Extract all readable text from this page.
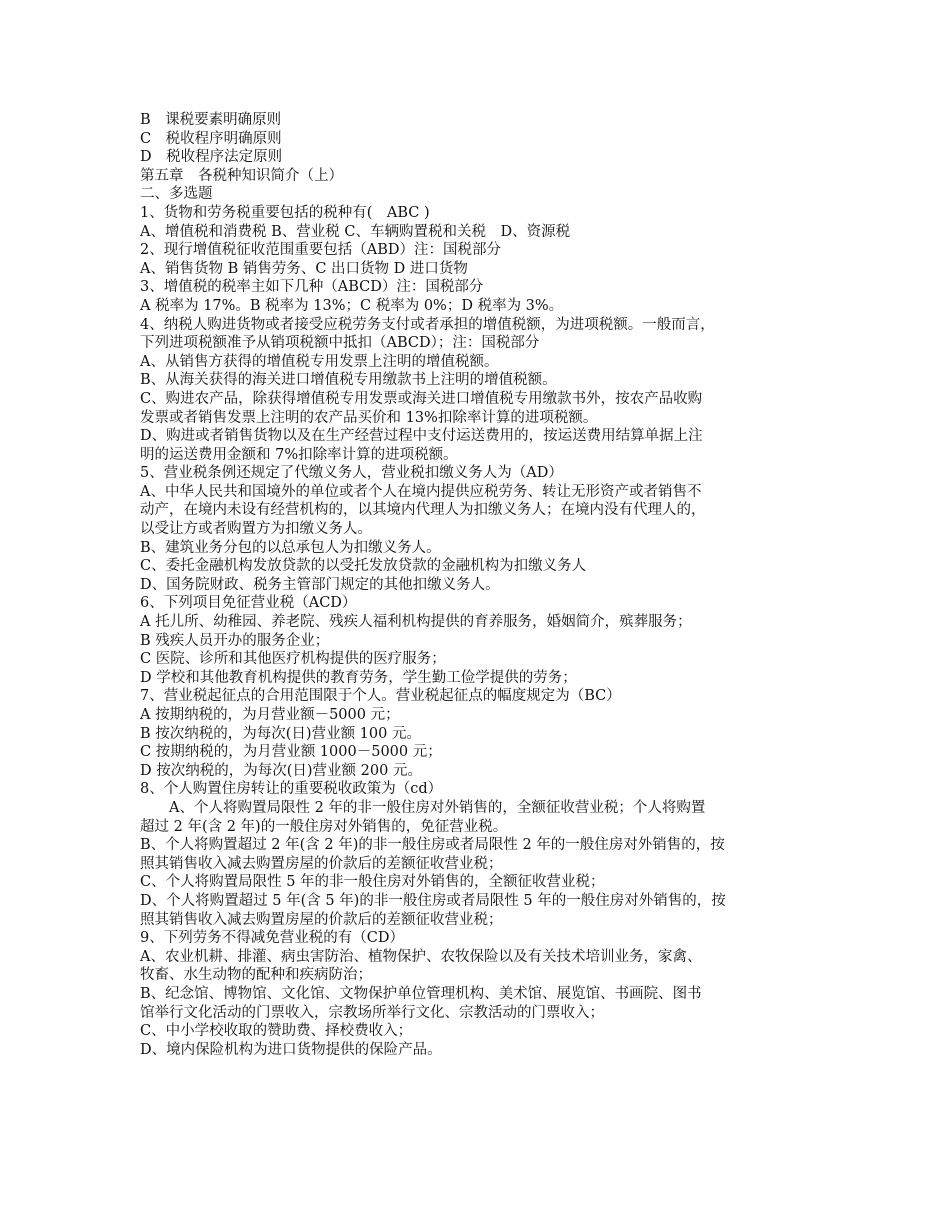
B　课税要素明确原则
C　税收程序明确原则
D　税收程序法定原则
第五章　各税种知识简介（上）
二、多选题
1、货物和劳务税重要包括的税种有(　ABC )
A、增值税和消费税 B、营业税 C、车辆购置税和关税　D、资源税
2、现行增值税征收范围重要包括（ABD）注：国税部分
A、销售货物 B 销售劳务、C 出口货物 D 进口货物
3、增值税的税率主如下几种（ABCD）注：国税部分
A 税率为 17%。B 税率为 13%；C 税率为 0%；D 税率为 3%。
4、纳税人购进货物或者接受应税劳务支付或者承担的增值税额，为进项税额。一般而言，
下列进项税额准予从销项税额中抵扣（ABCD）；注：国税部分
A、从销售方获得的增值税专用发票上注明的增值税额。
B、从海关获得的海关进口增值税专用缴款书上注明的增值税额。
C、购进农产品，除获得增值税专用发票或海关进口增值税专用缴款书外，按农产品收购
发票或者销售发票上注明的农产品买价和 13%扣除率计算的进项税额。
D、购进或者销售货物以及在生产经营过程中支付运送费用的，按运送费用结算单据上注
明的运送费用金额和 7%扣除率计算的进项税额。
5、营业税条例还规定了代缴义务人，营业税扣缴义务人为（AD）
A、中华人民共和国境外的单位或者个人在境内提供应税劳务、转让无形资产或者销售不
动产，在境内未设有经营机构的，以其境内代理人为扣缴义务人；在境内没有代理人的，
以受让方或者购置方为扣缴义务人。
B、建筑业务分包的以总承包人为扣缴义务人。
C、委托金融机构发放贷款的以受托发放贷款的金融机构为扣缴义务人
D、国务院财政、税务主管部门规定的其他扣缴义务人。
6、下列项目免征营业税（ACD）
A 托儿所、幼稚园、养老院、残疾人福利机构提供的育养服务，婚姻简介，殡葬服务；
B 残疾人员开办的服务企业；
C 医院、诊所和其他医疗机构提供的医疗服务；
D 学校和其他教育机构提供的教育劳务，学生勤工俭学提供的劳务；
7、营业税起征点的合用范围限于个人。营业税起征点的幅度规定为（BC）
A 按期纳税的，为月营业额－5000 元；
B 按次纳税的，为每次(日)营业额 100 元。
C 按期纳税的，为月营业额 1000－5000 元；
D 按次纳税的，为每次(日)营业额 200 元。
8、个人购置住房转让的重要税收政策为（cd）
　　A、个人将购置局限性 2 年的非一般住房对外销售的，全额征收营业税；个人将购置
超过 2 年(含 2 年)的一般住房对外销售的，免征营业税。
B、个人将购置超过 2 年(含 2 年)的非一般住房或者局限性 2 年的一般住房对外销售的，按
照其销售收入减去购置房屋的价款后的差额征收营业税；
C、个人将购置局限性 5 年的非一般住房对外销售的，全额征收营业税；
D、个人将购置超过 5 年(含 5 年)的非一般住房或者局限性 5 年的一般住房对外销售的，按
照其销售收入减去购置房屋的价款后的差额征收营业税；
9、下列劳务不得减免营业税的有（CD）
A、农业机耕、排灌、病虫害防治、植物保护、农牧保险以及有关技术培训业务，家禽、
牧畜、水生动物的配种和疾病防治；
B、纪念馆、博物馆、文化馆、文物保护单位管理机构、美术馆、展览馆、书画院、图书
馆举行文化活动的门票收入，宗教场所举行文化、宗教活动的门票收入；
C、中小学校收取的赞助费、择校费收入；
D、境内保险机构为进口货物提供的保险产品。
